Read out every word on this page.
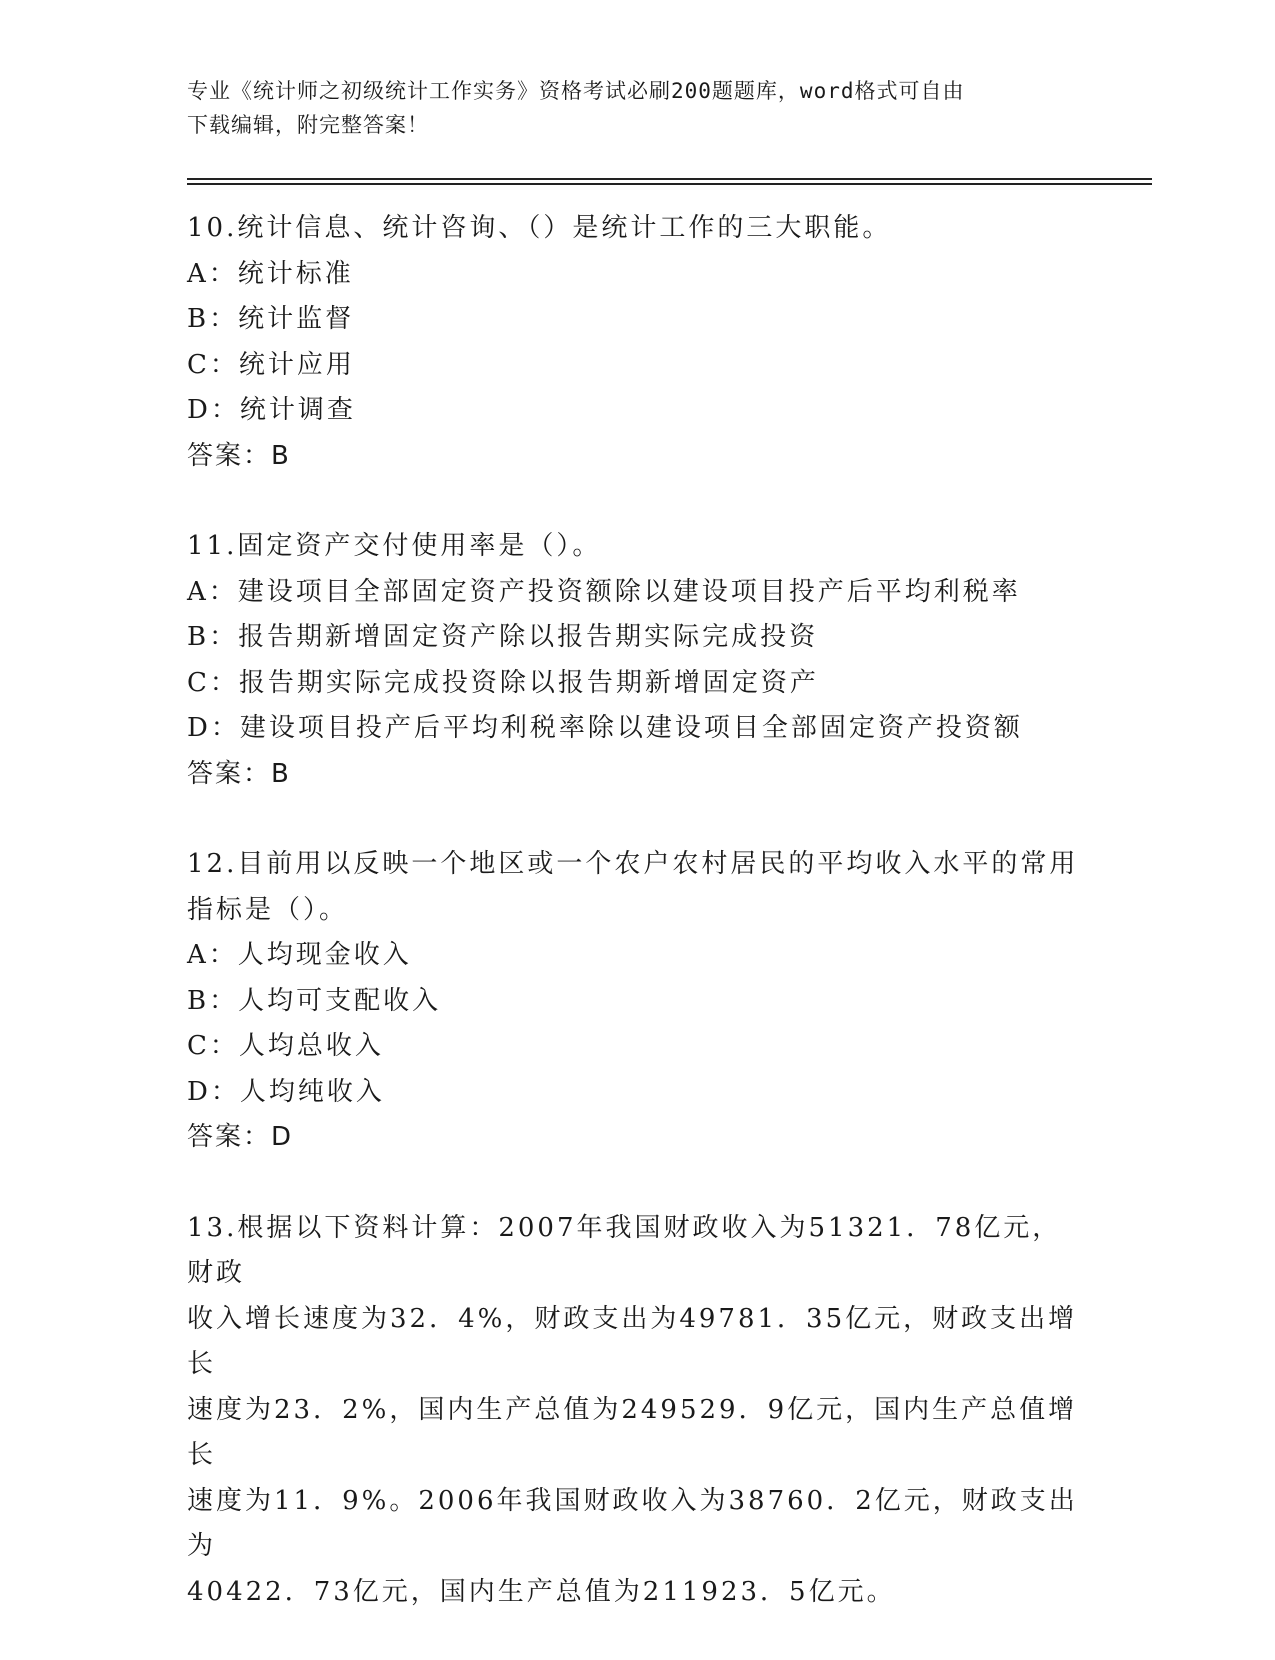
专业《统计师之初级统计工作实务》资格考试必刷200题题库，word格式可自由
下载编辑，附完整答案！
10.统计信息、统计咨询、（）是统计工作的三大职能。
A：统计标准
B：统计监督
C：统计应用
D：统计调查
答案：B
11.固定资产交付使用率是（）。
A：建设项目全部固定资产投资额除以建设项目投产后平均利税率
B：报告期新增固定资产除以报告期实际完成投资
C：报告期实际完成投资除以报告期新增固定资产
D：建设项目投产后平均利税率除以建设项目全部固定资产投资额
答案：B
12.目前用以反映一个地区或一个农户农村居民的平均收入水平的常用
指标是（）。
A：人均现金收入
B：人均可支配收入
C：人均总收入
D：人均纯收入
答案：D
13.根据以下资料计算：2007年我国财政收入为51321．78亿元，财政
收入增长速度为32．4%，财政支出为49781．35亿元，财政支出增长
速度为23．2%，国内生产总值为249529．9亿元，国内生产总值增长
速度为11．9%。2006年我国财政收入为38760．2亿元，财政支出为
40422．73亿元，国内生产总值为211923．5亿元。
